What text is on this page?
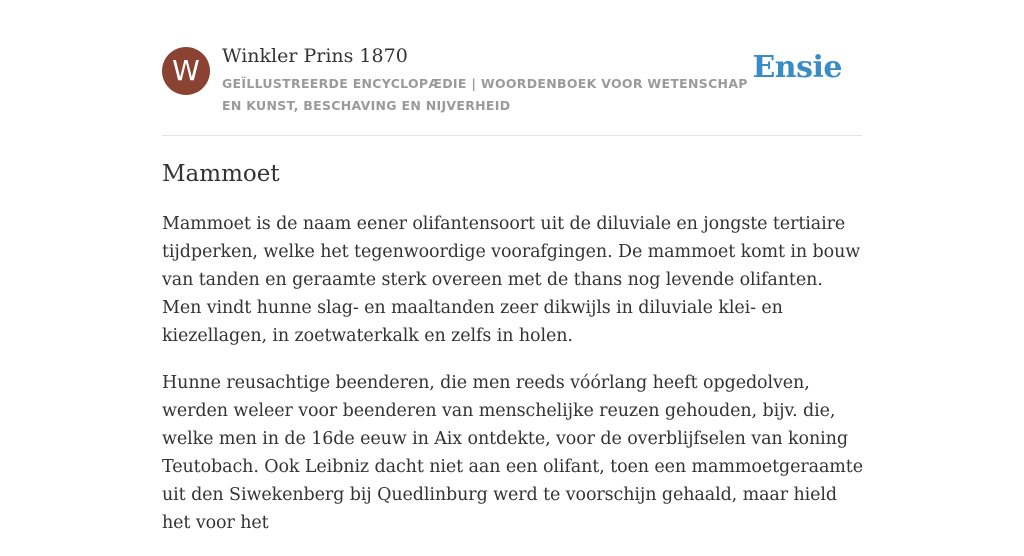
W	Winkler Prins 1870
GEÏLLUSTREERDE ENCYCLOPÆDIE | WOORDENBOEK VOOR WETENSCHAP EN KUNST, BESCHAVING EN NIJVERHEID
Ensie
Mammoet

Mammoet is de naam eener olifantensoort uit de diluviale en jongste tertiaire tijdperken, welke het tegenwoordige voorafgingen. De mammoet komt in bouw van tanden en geraamte sterk overeen met de thans nog levende olifanten. Men vindt hunne slag- en maaltanden zeer dikwijls in diluviale klei- en kiezellagen, in zoetwaterkalk en zelfs in holen.

Hunne reusachtige beenderen, die men reeds vóórlang heeft opgedolven, werden weleer voor beenderen van menschelijke reuzen gehouden, bijv. die, welke men in de 16de eeuw in Aix ontdekte, voor de overblijfselen van koning Teutobach. Ook Leibniz dacht niet aan een olifant, toen een mammoetgeraamte uit den Siwekenberg bij Quedlinburg werd te voorschijn gehaald, maar hield het voor het
